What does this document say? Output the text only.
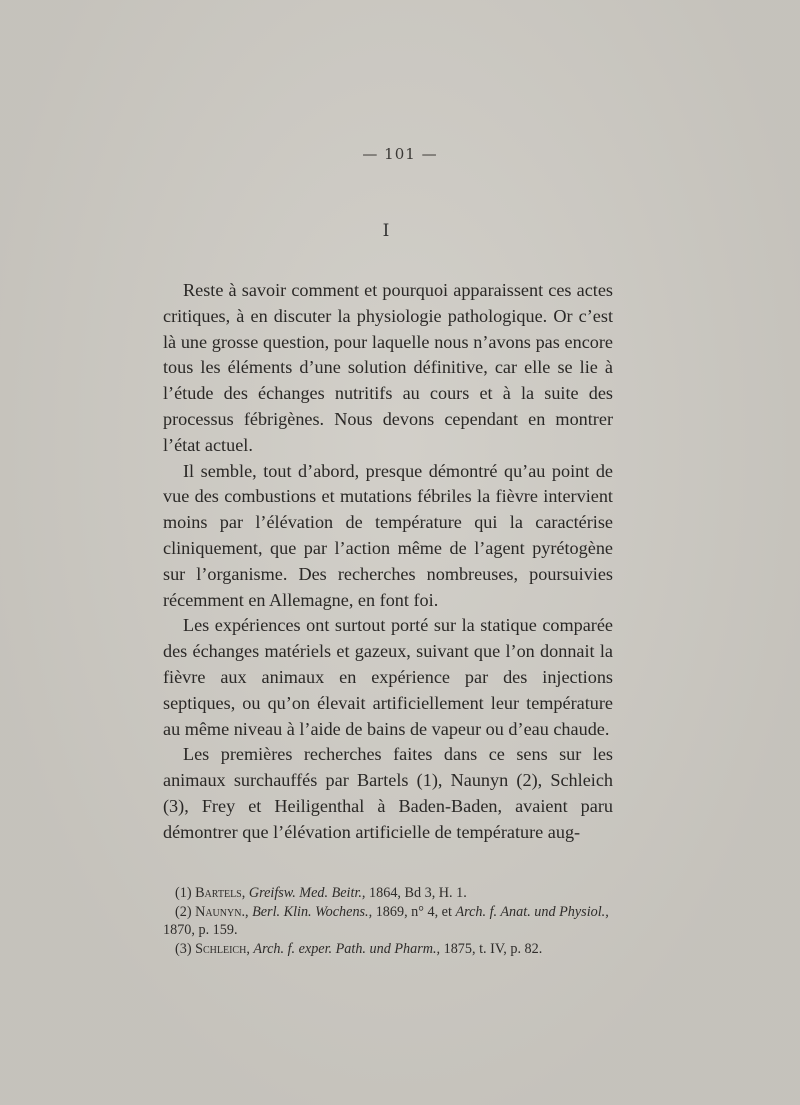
— 101 —
I

Reste à savoir comment et pourquoi apparaissent ces actes critiques, à en discuter la physiologie pathologique. Or c’est là une grosse question, pour laquelle nous n’avons pas encore tous les éléments d’une solution définitive, car elle se lie à l’étude des échanges nutritifs au cours et à la suite des processus fébrigènes. Nous devons cependant en montrer l’état actuel.

Il semble, tout d’abord, presque démontré qu’au point de vue des combustions et mutations fébriles la fièvre intervient moins par l’élévation de température qui la caractérise cliniquement, que par l’action même de l’agent pyrétogène sur l’organisme. Des recherches nombreuses, poursuivies récemment en Allemagne, en font foi.

Les expériences ont surtout porté sur la statique comparée des échanges matériels et gazeux, suivant que l’on donnait la fièvre aux animaux en expérience par des injections septiques, ou qu’on élevait artificiellement leur température au même niveau à l’aide de bains de vapeur ou d’eau chaude.

Les premières recherches faites dans ce sens sur les animaux surchauffés par Bartels (1), Naunyn (2), Schleich (3), Frey et Heiligenthal à Baden-Baden, avaient paru démontrer que l’élévation artificielle de température aug-

(1) Bartels, Greifsw. Med. Beitr., 1864, Bd 3, H. 1.

(2) Naunyn., Berl. Klin. Wochens., 1869, n° 4, et Arch. f. Anat. und Physiol., 1870, p. 159.

(3) Schleich, Arch. f. exper. Path. und Pharm., 1875, t. IV, p. 82.
